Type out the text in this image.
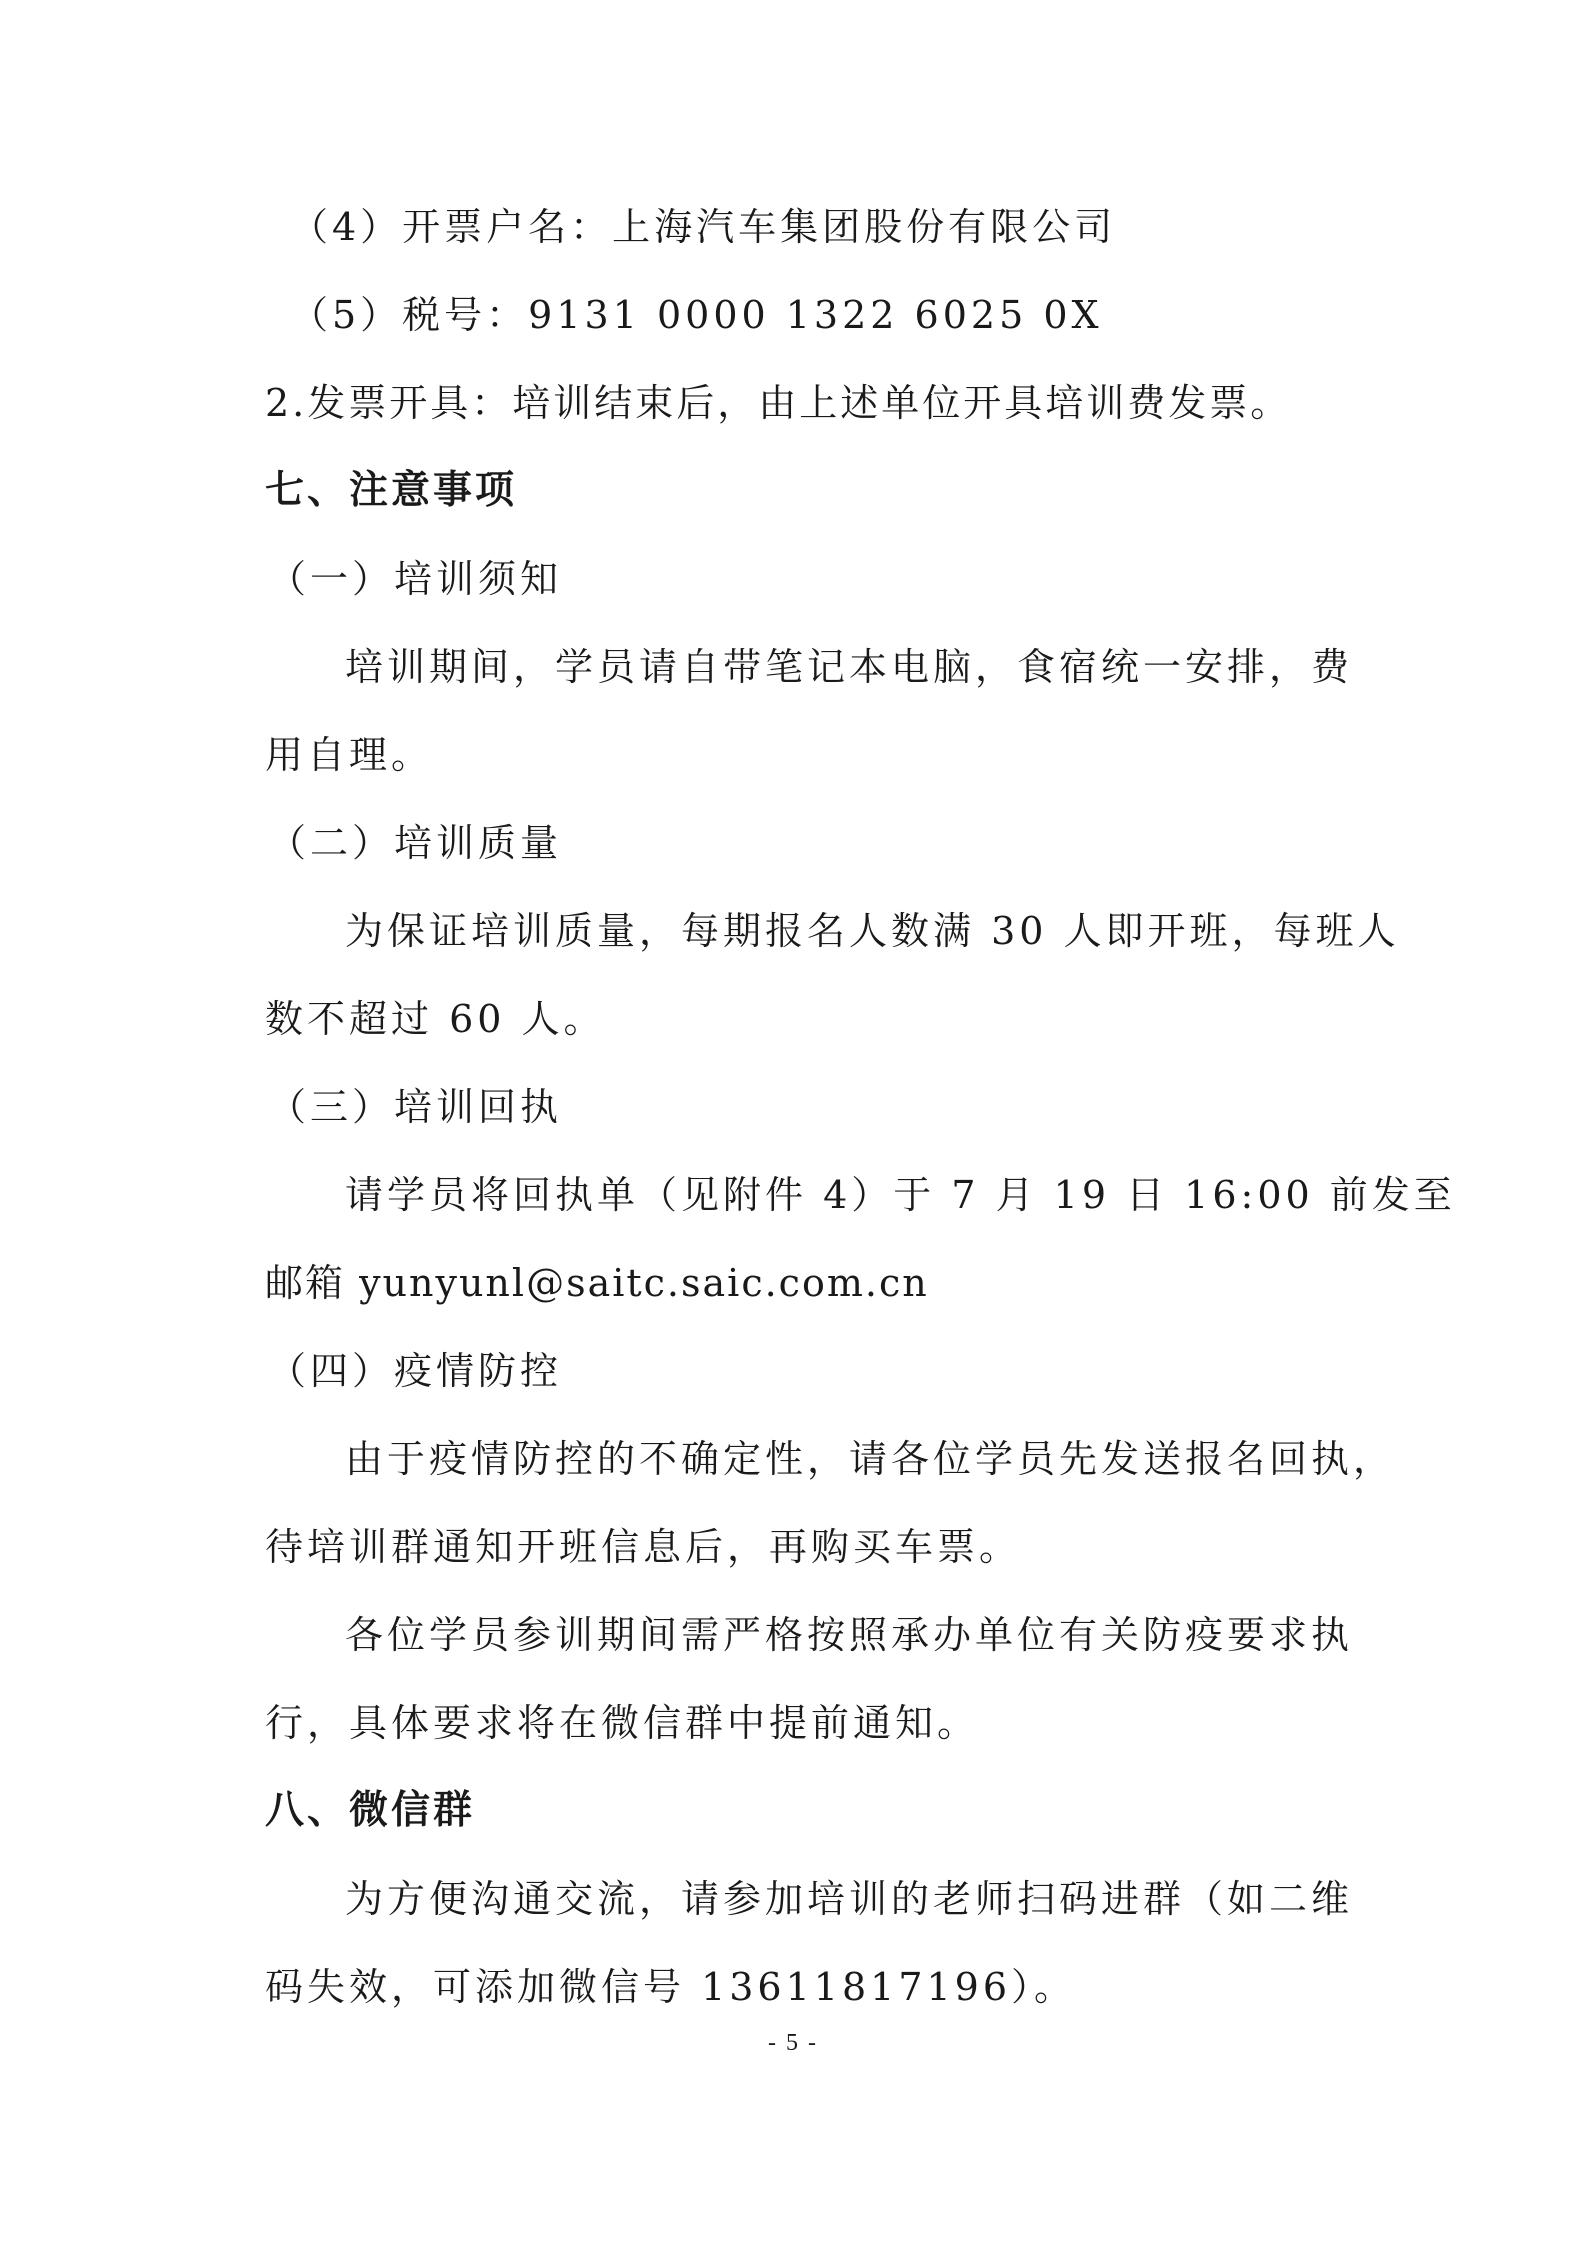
（4）开票户名：上海汽车集团股份有限公司
（5）税号：9131 0000 1322 6025 0X
2.发票开具：培训结束后，由上述单位开具培训费发票。
七、注意事项
（一）培训须知
培训期间，学员请自带笔记本电脑，食宿统一安排，费
用自理。
（二）培训质量
为保证培训质量，每期报名人数满 30 人即开班，每班人
数不超过 60 人。
（三）培训回执
请学员将回执单（见附件 4）于 7 月 19 日 16:00 前发至
邮箱 yunyunl@saitc.saic.com.cn
（四）疫情防控
由于疫情防控的不确定性，请各位学员先发送报名回执，
待培训群通知开班信息后，再购买车票。
各位学员参训期间需严格按照承办单位有关防疫要求执
行，具体要求将在微信群中提前通知。
八、微信群
为方便沟通交流，请参加培训的老师扫码进群（如二维
码失效，可添加微信号 13611817196）。
- 5 -
